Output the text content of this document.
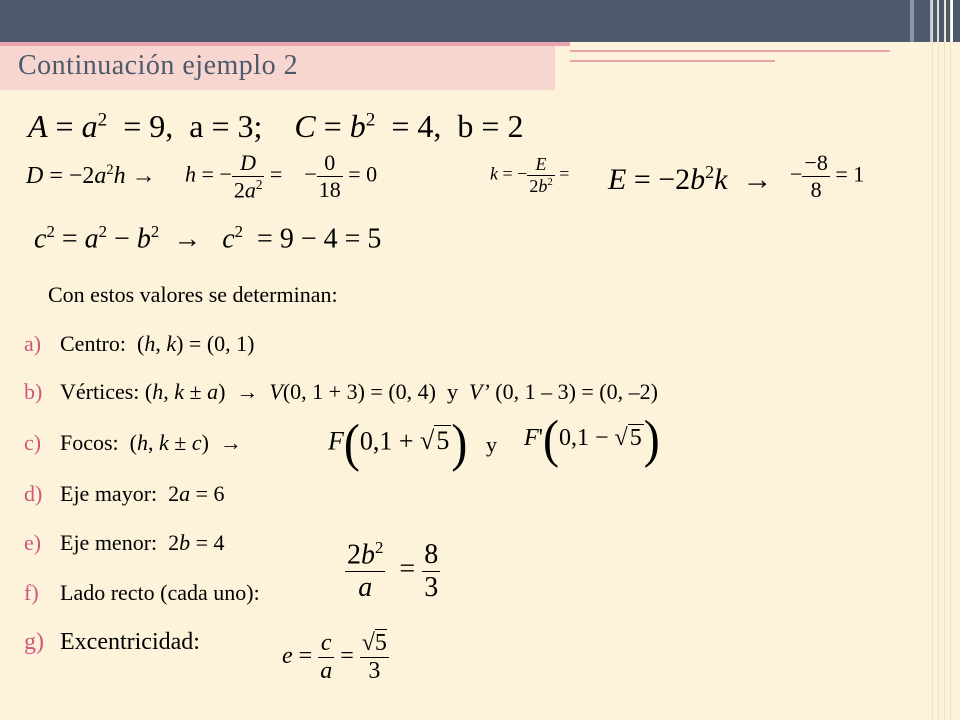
Continuación ejemplo 2
$A = a^2 = 9$,  a = 3;    $C = b^2 = 4$,  b = 2
$D = -2a^2h \to h$ = − $\frac{D}{2a^2}$ =    − $\frac{0}{18} = 0$	k = − $\frac{E}{2b^2} = E = -2b^2k$  → − $\frac{-8}{8} = 1$
$c^2 = a^2 - b^2 \to c^2 = 9 - 4 = 5$
Con estos valores se determinan:
a) Centro:  (h, k) = (0, 1)
b) Vértices: (h, k ± a)  →  V(0, 1 + 3) = (0, 4)  y  V’ (0, 1 – 3) = (0, –2)
c) Focos:  (h, k ± c)  →	F(0,1 + √5) y F'(0,1 − √5)
d) Eje mayor:  2a = 6
e) Eje menor:  2b = 4	$\frac{2b^2}{a} = \frac{8}{3}$
f) Lado recto (cada uno):
g) Excentricidad:
$e = \frac{c}{a} = \frac{√5}{3}$
